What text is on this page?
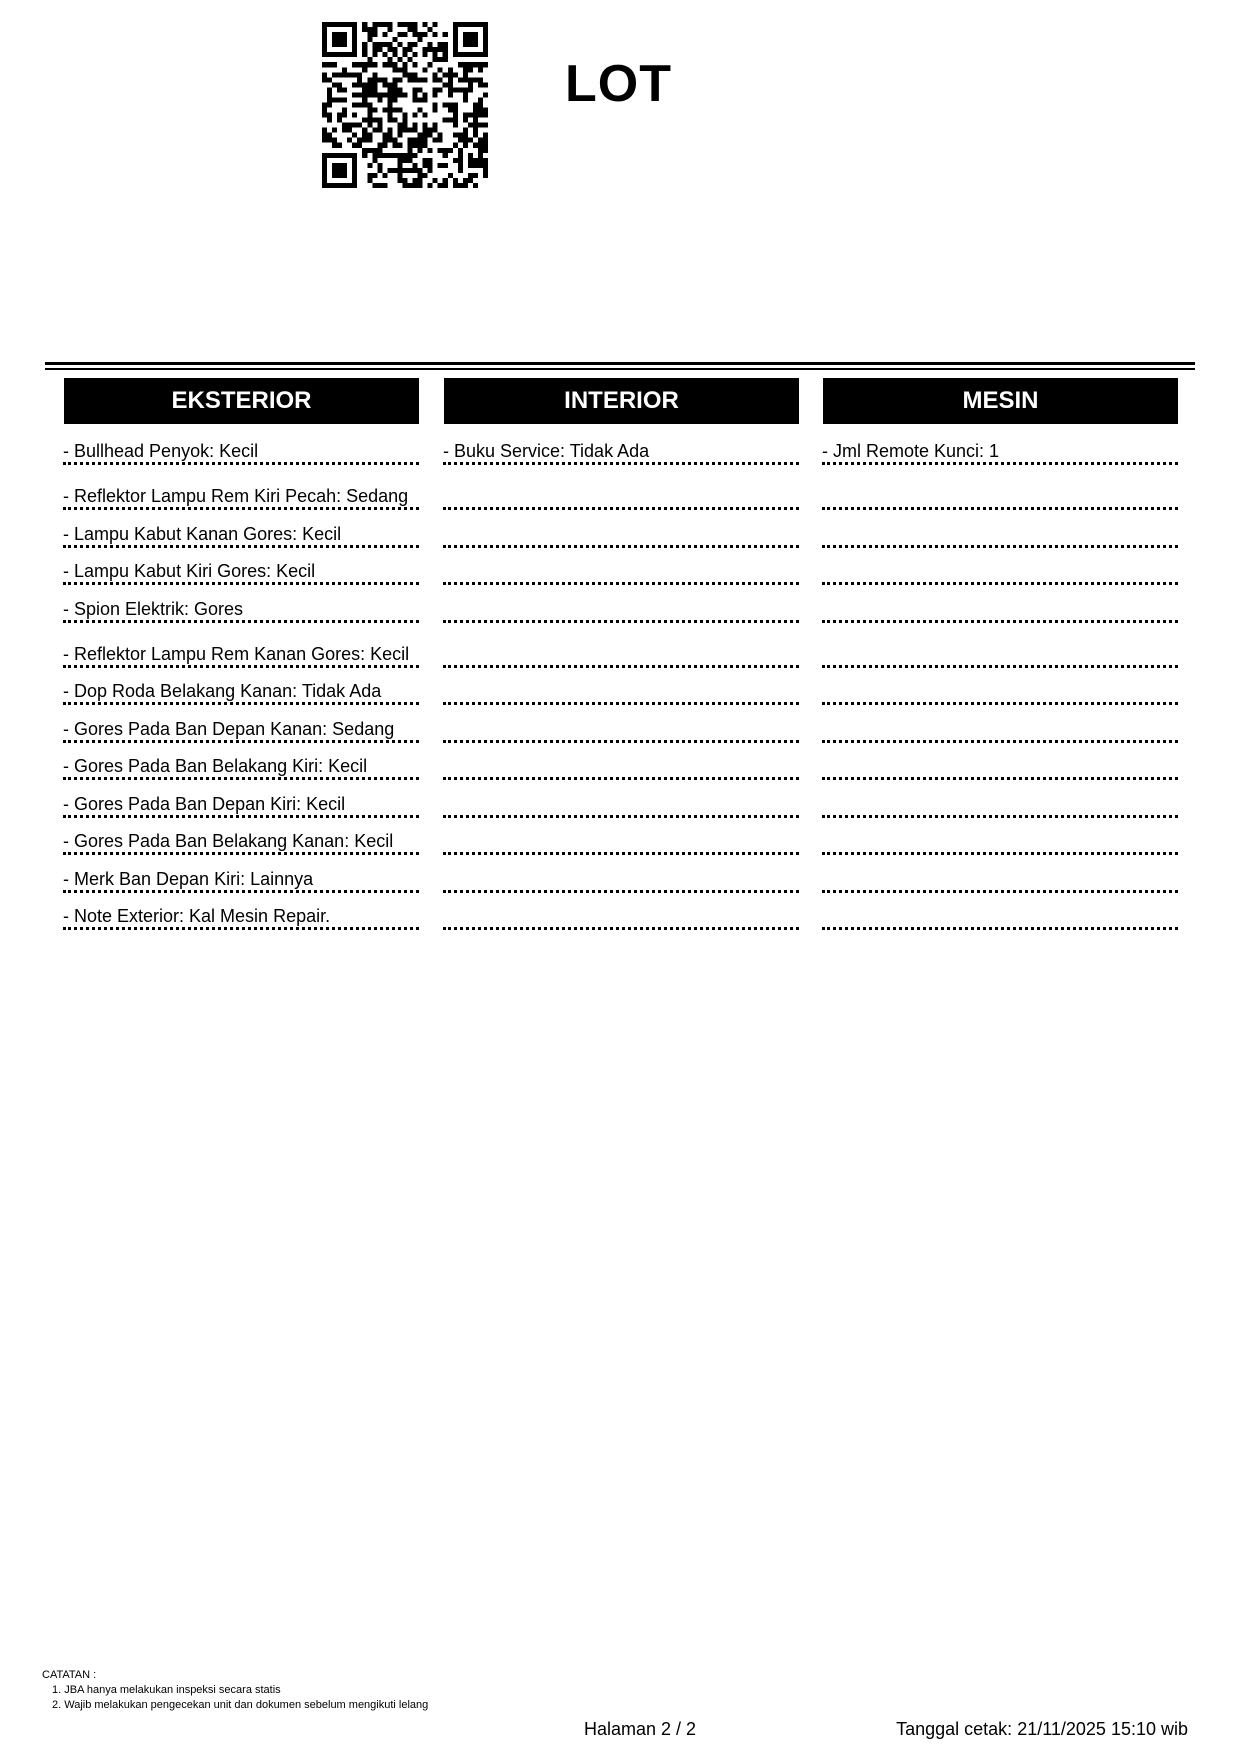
LOT
EKSTERIOR
- Bullhead Penyok: Kecil
- Reflektor Lampu Rem Kiri Pecah: Sedang
- Lampu Kabut Kanan Gores: Kecil
- Lampu Kabut Kiri Gores: Kecil
- Spion Elektrik: Gores
- Reflektor Lampu Rem Kanan Gores: Kecil
- Dop Roda Belakang Kanan: Tidak Ada
- Gores Pada Ban Depan Kanan: Sedang
- Gores Pada Ban Belakang Kiri: Kecil
- Gores Pada Ban Depan Kiri: Kecil
- Gores Pada Ban Belakang Kanan: Kecil
- Merk Ban Depan Kiri: Lainnya
- Note Exterior: Kal Mesin Repair.
INTERIOR
- Buku Service: Tidak Ada
MESIN
- Jml Remote Kunci: 1
CATATAN :
1. JBA hanya melakukan inspeksi secara statis
2. Wajib melakukan pengecekan unit dan dokumen sebelum mengikuti lelang
Halaman 2 / 2	Tanggal cetak: 21/11/2025 15:10 wib
